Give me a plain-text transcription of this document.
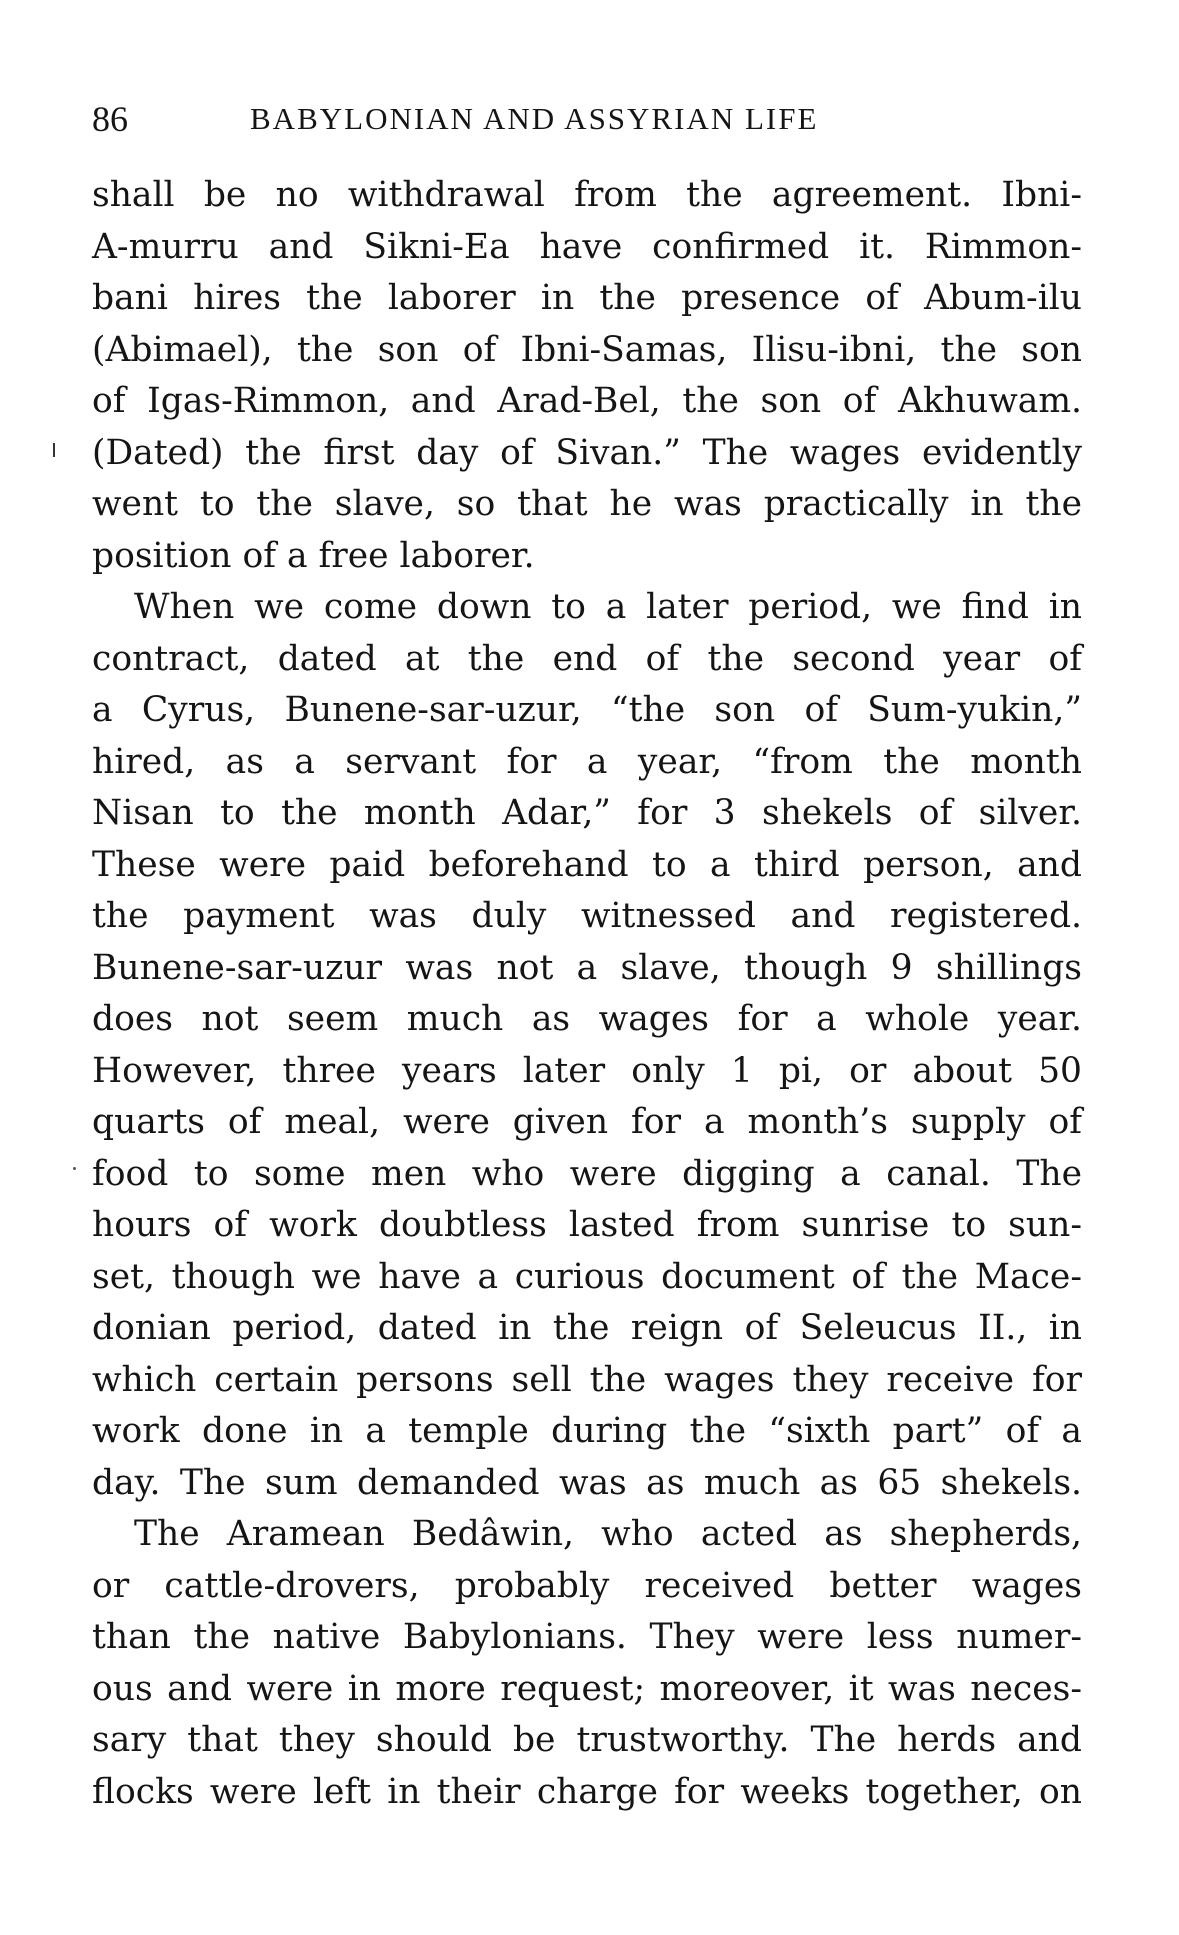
86	BABYLONIAN AND ASSYRIAN LIFE
shall be no withdrawal from the agreement. Ibni-
A-murru and Sikni-Ea have confirmed it. Rimmon-
bani hires the laborer in the presence of Abum-ilu
(Abimael), the son of Ibni-Samas, Ilisu-ibni, the son
of Igas-Rimmon, and Arad-Bel, the son of Akhuwam.
(Dated) the first day of Sivan.” The wages evidently
went to the slave, so that he was practically in the
position of a free laborer.
When we come down to a later period, we find in
contract, dated at the end of the second year of
a Cyrus, Bunene-sar-uzur, “the son of Sum-yukin,”
hired, as a servant for a year, “from the month
Nisan to the month Adar,” for 3 shekels of silver.
These were paid beforehand to a third person, and
the payment was duly witnessed and registered.
Bunene-sar-uzur was not a slave, though 9 shillings
does not seem much as wages for a whole year.
However, three years later only 1 pi, or about 50
quarts of meal, were given for a month’s supply of
food to some men who were digging a canal. The
hours of work doubtless lasted from sunrise to sun-
set, though we have a curious document of the Mace-
donian period, dated in the reign of Seleucus II., in
which certain persons sell the wages they receive for
work done in a temple during the “sixth part” of a
day. The sum demanded was as much as 65 shekels.
The Aramean Bedâwin, who acted as shepherds,
or cattle-drovers, probably received better wages
than the native Babylonians. They were less numer-
ous and were in more request; moreover, it was neces-
sary that they should be trustworthy. The herds and
flocks were left in their charge for weeks together, on
